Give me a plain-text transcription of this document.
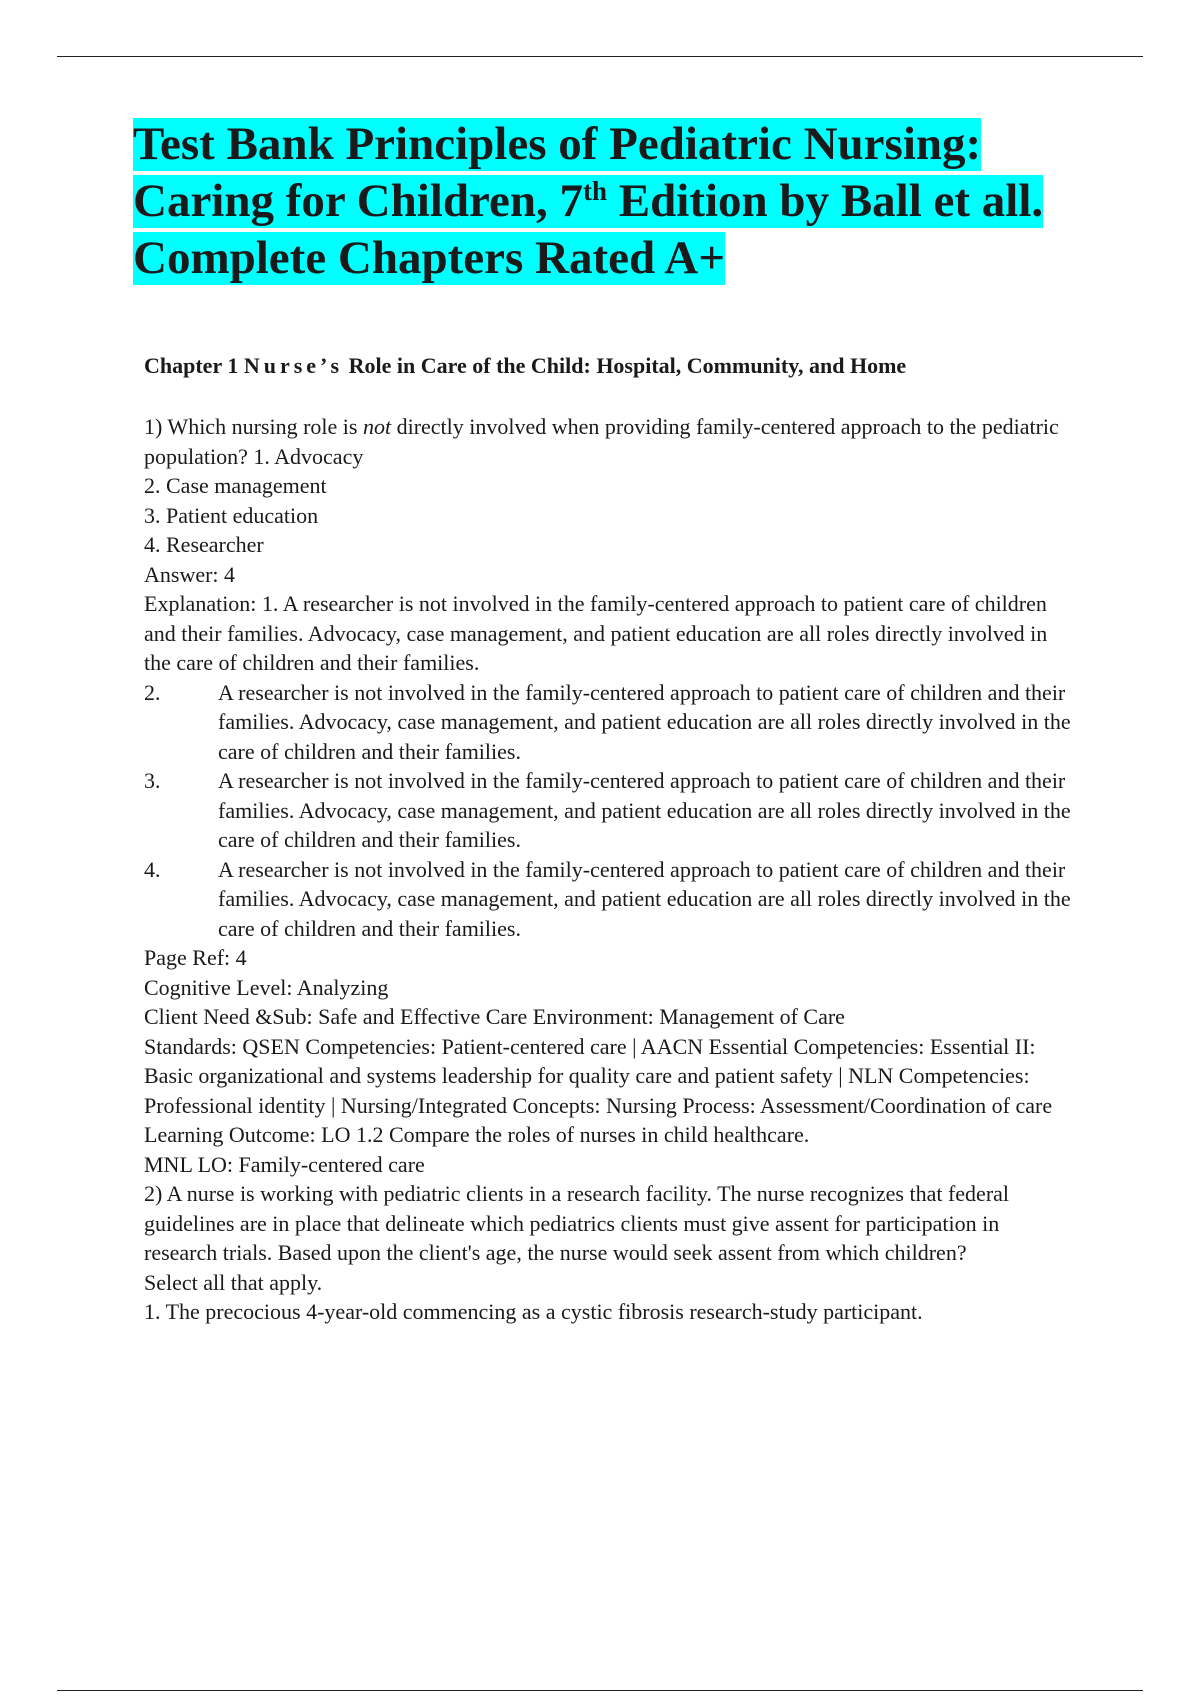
Test Bank Principles of Pediatric Nursing:
Caring for Children, 7th Edition by Ball et all.
Complete Chapters Rated A+
Chapter 1 Nurse’s Role in Care of the Child: Hospital, Community, and Home

1) Which nursing role is not directly involved when providing family-centered approach to the pediatric population? 1. Advocacy

2. Case management

3. Patient education

4. Researcher

Answer: 4

Explanation: 1. A researcher is not involved in the family-centered approach to patient care of children and their families. Advocacy, case management, and patient education are all roles directly involved in the care of children and their families.

2.	A researcher is not involved in the family-centered approach to patient care of children and their families. Advocacy, case management, and patient education are all roles directly involved in the care of children and their families.
3.	A researcher is not involved in the family-centered approach to patient care of children and their families. Advocacy, case management, and patient education are all roles directly involved in the care of children and their families.
4.	A researcher is not involved in the family-centered approach to patient care of children and their families. Advocacy, case management, and patient education are all roles directly involved in the care of children and their families.

Page Ref: 4

Cognitive Level: Analyzing

Client Need &Sub: Safe and Effective Care Environment: Management of Care

Standards: QSEN Competencies: Patient-centered care | AACN Essential Competencies: Essential II: Basic organizational and systems leadership for quality care and patient safety | NLN Competencies: Professional identity | Nursing/Integrated Concepts: Nursing Process: Assessment/Coordination of care

Learning Outcome: LO 1.2 Compare the roles of nurses in child healthcare.

MNL LO: Family-centered care

2) A nurse is working with pediatric clients in a research facility. The nurse recognizes that federal guidelines are in place that delineate which pediatrics clients must give assent for participation in research trials. Based upon the client's age, the nurse would seek assent from which children?

Select all that apply.

1. The precocious 4-year-old commencing as a cystic fibrosis research-study participant.
